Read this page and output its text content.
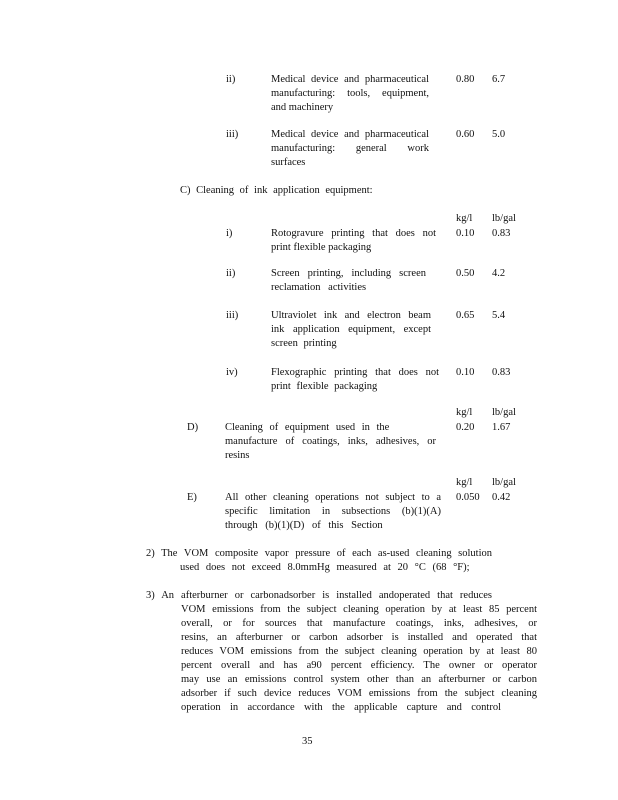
ii)	Medical device and pharmaceutical
manufacturing: tools, equipment,
and machinery
0.80 6.7
iii)	Medical device and pharmaceutical
manufacturing: general work
surfaces
0.60 5.0
C) Cleaning of ink application equipment:
kg/l lb/gal
i)	Rotogravure printing that does not
print flexible packaging
0.10 0.83
ii)	Screen printing, including screen
reclamation activities
0.50 4.2
iii)	Ultraviolet ink and electron beam
ink application equipment, except
screen printing
0.65 5.4
iv)	Flexographic printing that does not
print flexible packaging
0.10 0.83
kg/l lb/gal
D)	Cleaning of equipment used in the
manufacture of coatings, inks, adhesives, or
resins
0.20 1.67
kg/l lb/gal
E)	All other cleaning operations not subject to a
specific limitation in subsections (b)(1)(A)
through (b)(1)(D) of this Section
0.050 0.42
2) The VOM composite vapor pressure of each as-used cleaning solution
used does not exceed 8.0mmHg measured at 20 °C (68 °F);
3) An afterburner or carbonadsorber is installed andoperated that reduces
VOM emissions from the subject cleaning operation by at least 85 percent
overall, or for sources that manufacture coatings, inks, adhesives, or
resins, an afterburner or carbon adsorber is installed and operated that
reduces VOM emissions from the subject cleaning operation by at least 80
percent overall and has a90 percent efficiency. The owner or operator
may use an emissions control system other than an afterburner or carbon
adsorber if such device reduces VOM emissions from the subject cleaning
operation in accordance with the applicable capture and control
35
